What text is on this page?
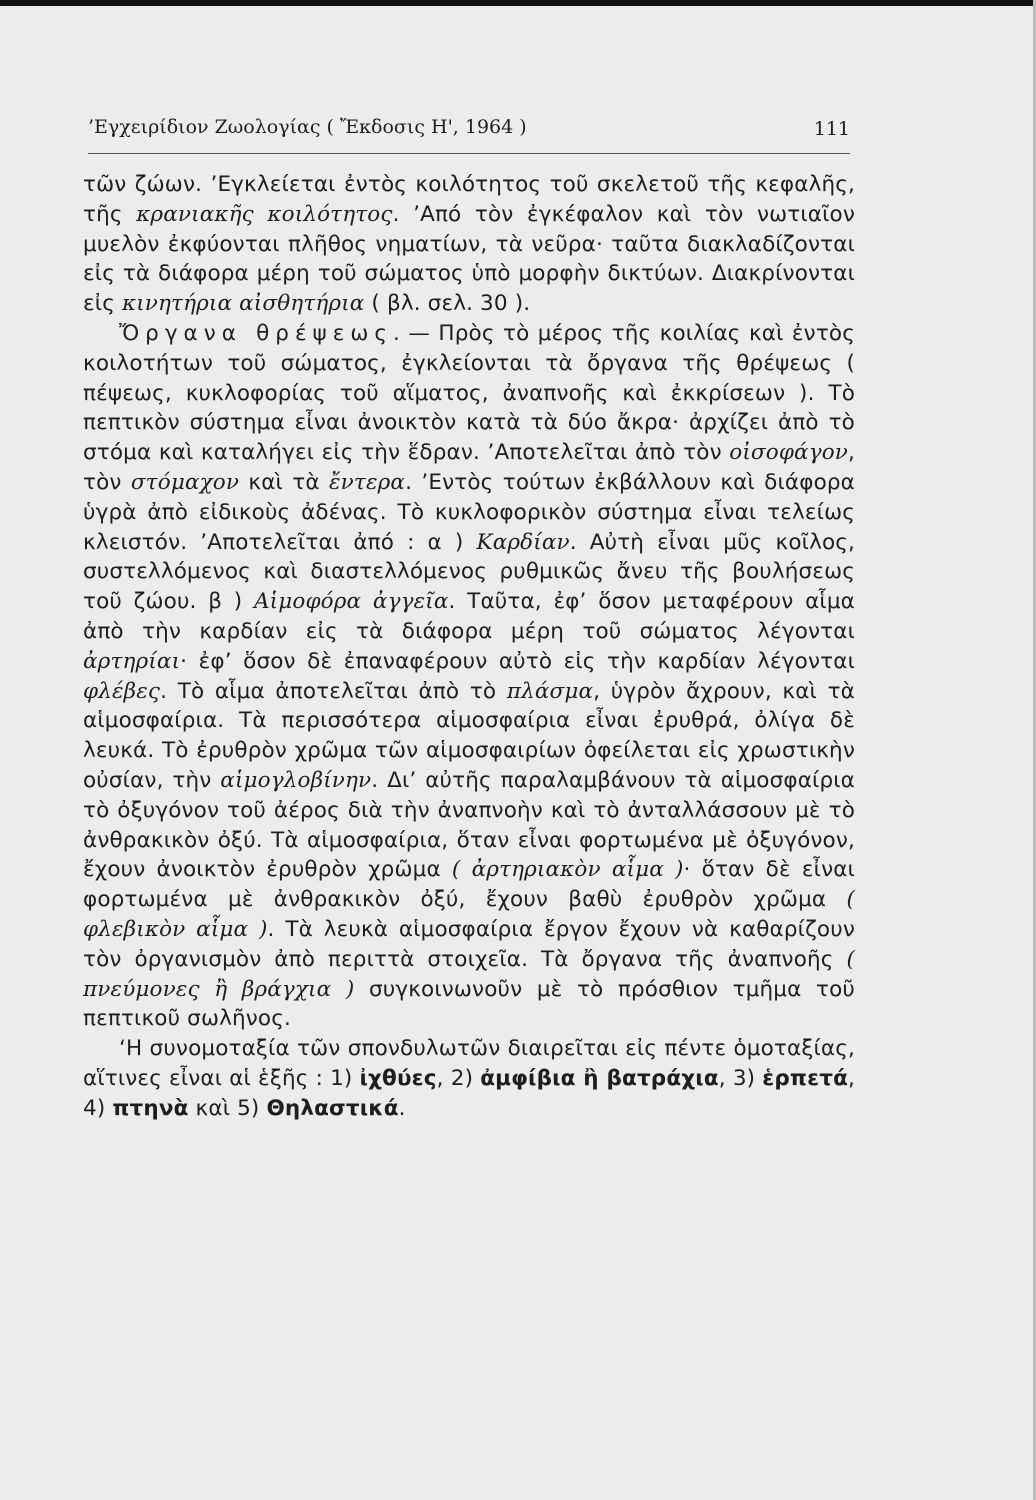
’Εγχειρίδιον Ζωολογίας ( Ἔκδοσις Η', 1964 )	111

τῶν ζώων. ’Εγκλείεται ἐντὸς κοιλότητος τοῦ σκελετοῦ τῆς κεφαλῆς, τῆς κρανιακῆς κοιλότητος. ’Από τὸν ἐγκέφαλον καὶ τὸν νωτιαῖον μυελὸν ἐκφύονται πλῆθος νηματίων, τὰ νεῦρα· ταῦτα διακλαδίζονται εἰς τὰ διάφορα μέρη τοῦ σώματος ὑπὸ μορφὴν δικτύων. Διακρίνονται εἰς κινητήρια αἰσθητήρια ( βλ. σελ. 30 ).

Ὄργανα θρέψεως. — Πρὸς τὸ μέρος τῆς κοιλίας καὶ ἐντὸς κοιλοτήτων τοῦ σώματος, ἐγκλείονται τὰ ὄργανα τῆς θρέψεως ( πέψεως, κυκλοφορίας τοῦ αἵματος, ἀναπνοῆς καὶ ἐκκρίσεων ). Τὸ πεπτικὸν σύστημα εἶναι ἀνοικτὸν κατὰ τὰ δύο ἄκρα· ἀρχίζει ἀπὸ τὸ στόμα καὶ καταλήγει εἰς τὴν ἕδραν. ’Αποτελεῖται ἀπὸ τὸν οἰσοφάγον, τὸν στόμαχον καὶ τὰ ἔντερα. ’Εντὸς τούτων ἐκβάλλουν καὶ διάφορα ὑγρὰ ἀπὸ εἰδικοὺς ἀδένας. Τὸ κυκλοφορικὸν σύστημα εἶναι τελείως κλειστόν. ’Αποτελεῖται ἀπό : α ) Καρδίαν. Αὐτὴ εἶναι μῦς κοῖλος, συστελλόμενος καὶ διαστελλόμενος ρυθμικῶς ἄνευ τῆς βουλήσεως τοῦ ζώου. β ) Αἱμοφόρα ἀγγεῖα. Ταῦτα, ἐφ’ ὅσον μεταφέρουν αἷμα ἀπὸ τὴν καρδίαν εἰς τὰ διάφορα μέρη τοῦ σώματος λέγονται ἀρτηρίαι· ἐφ’ ὅσον δὲ ἐπαναφέρουν αὐτὸ εἰς τὴν καρδίαν λέγονται φλέβες. Τὸ αἷμα ἀποτελεῖται ἀπὸ τὸ πλάσμα, ὑγρὸν ἄχρουν, καὶ τὰ αἱμοσφαίρια. Τὰ περισσότερα αἱμοσφαίρια εἶναι ἐρυθρά, ὀλίγα δὲ λευκά. Τὸ ἐρυθρὸν χρῶμα τῶν αἱμοσφαιρίων ὀφείλεται εἰς χρωστικὴν οὐσίαν, τὴν αἱμογλοβίνην. Δι’ αὐτῆς παραλαμβάνουν τὰ αἱμοσφαίρια τὸ ὀξυγόνον τοῦ ἀέρος διὰ τὴν ἀναπνοὴν καὶ τὸ ἀνταλλάσσουν μὲ τὸ ἀνθρακικὸν ὀξύ. Τὰ αἱμοσφαίρια, ὅταν εἶναι φορτωμένα μὲ ὀξυγόνον, ἔχουν ἀνοικτὸν ἐρυθρὸν χρῶμα ( ἀρτηριακὸν αἷμα )· ὅταν δὲ εἶναι φορτωμένα μὲ ἀνθρακικὸν ὀξύ, ἔχουν βαθὺ ἐρυθρὸν χρῶμα ( φλεβικὸν αἷμα ). Τὰ λευκὰ αἱμοσφαίρια ἔργον ἔχουν νὰ καθαρίζουν τὸν ὀργανισμὸν ἀπὸ περιττὰ στοιχεῖα. Τὰ ὄργανα τῆς ἀναπνοῆς ( πνεύμονες ἢ βράγχια ) συγκοινωνοῦν μὲ τὸ πρόσθιον τμῆμα τοῦ πεπτικοῦ σωλῆνος.

‘Η συνομοταξία τῶν σπονδυλωτῶν διαιρεῖται εἰς πέντε ὁμοταξίας, αἵτινες εἶναι αἱ ἑξῆς : 1) ἰχθύες, 2) ἀμφίβια ἢ βατράχια, 3) ἑρπετά, 4) πτηνὰ καὶ 5) Θηλαστικά.
